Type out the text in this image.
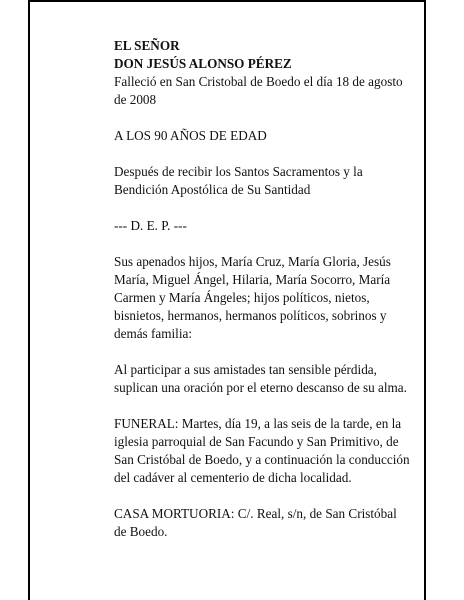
EL SEÑOR
DON JESÚS ALONSO PÉREZ
Falleció en San Cristobal de Boedo el día 18 de agosto
de 2008

A LOS 90 AÑOS DE EDAD

Después de recibir los Santos Sacramentos y la
Bendición Apostólica de Su Santidad

--- D. E. P. ---

Sus apenados hijos, María Cruz, María Gloria, Jesús
María, Miguel Ángel, Hilaria, María Socorro, María
Carmen y María Ángeles; hijos políticos, nietos,
bisnietos, hermanos, hermanos políticos, sobrinos y
demás familia:

Al participar a sus amistades tan sensible pérdida,
suplican una oración por el eterno descanso de su alma.

FUNERAL: Martes, día 19, a las seis de la tarde, en la
iglesia parroquial de San Facundo y San Primitivo, de
San Cristóbal de Boedo, y a continuación la conducción
del cadáver al cementerio de dicha localidad.

CASA MORTUORIA: C/. Real, s/n, de San Cristóbal
de Boedo.
